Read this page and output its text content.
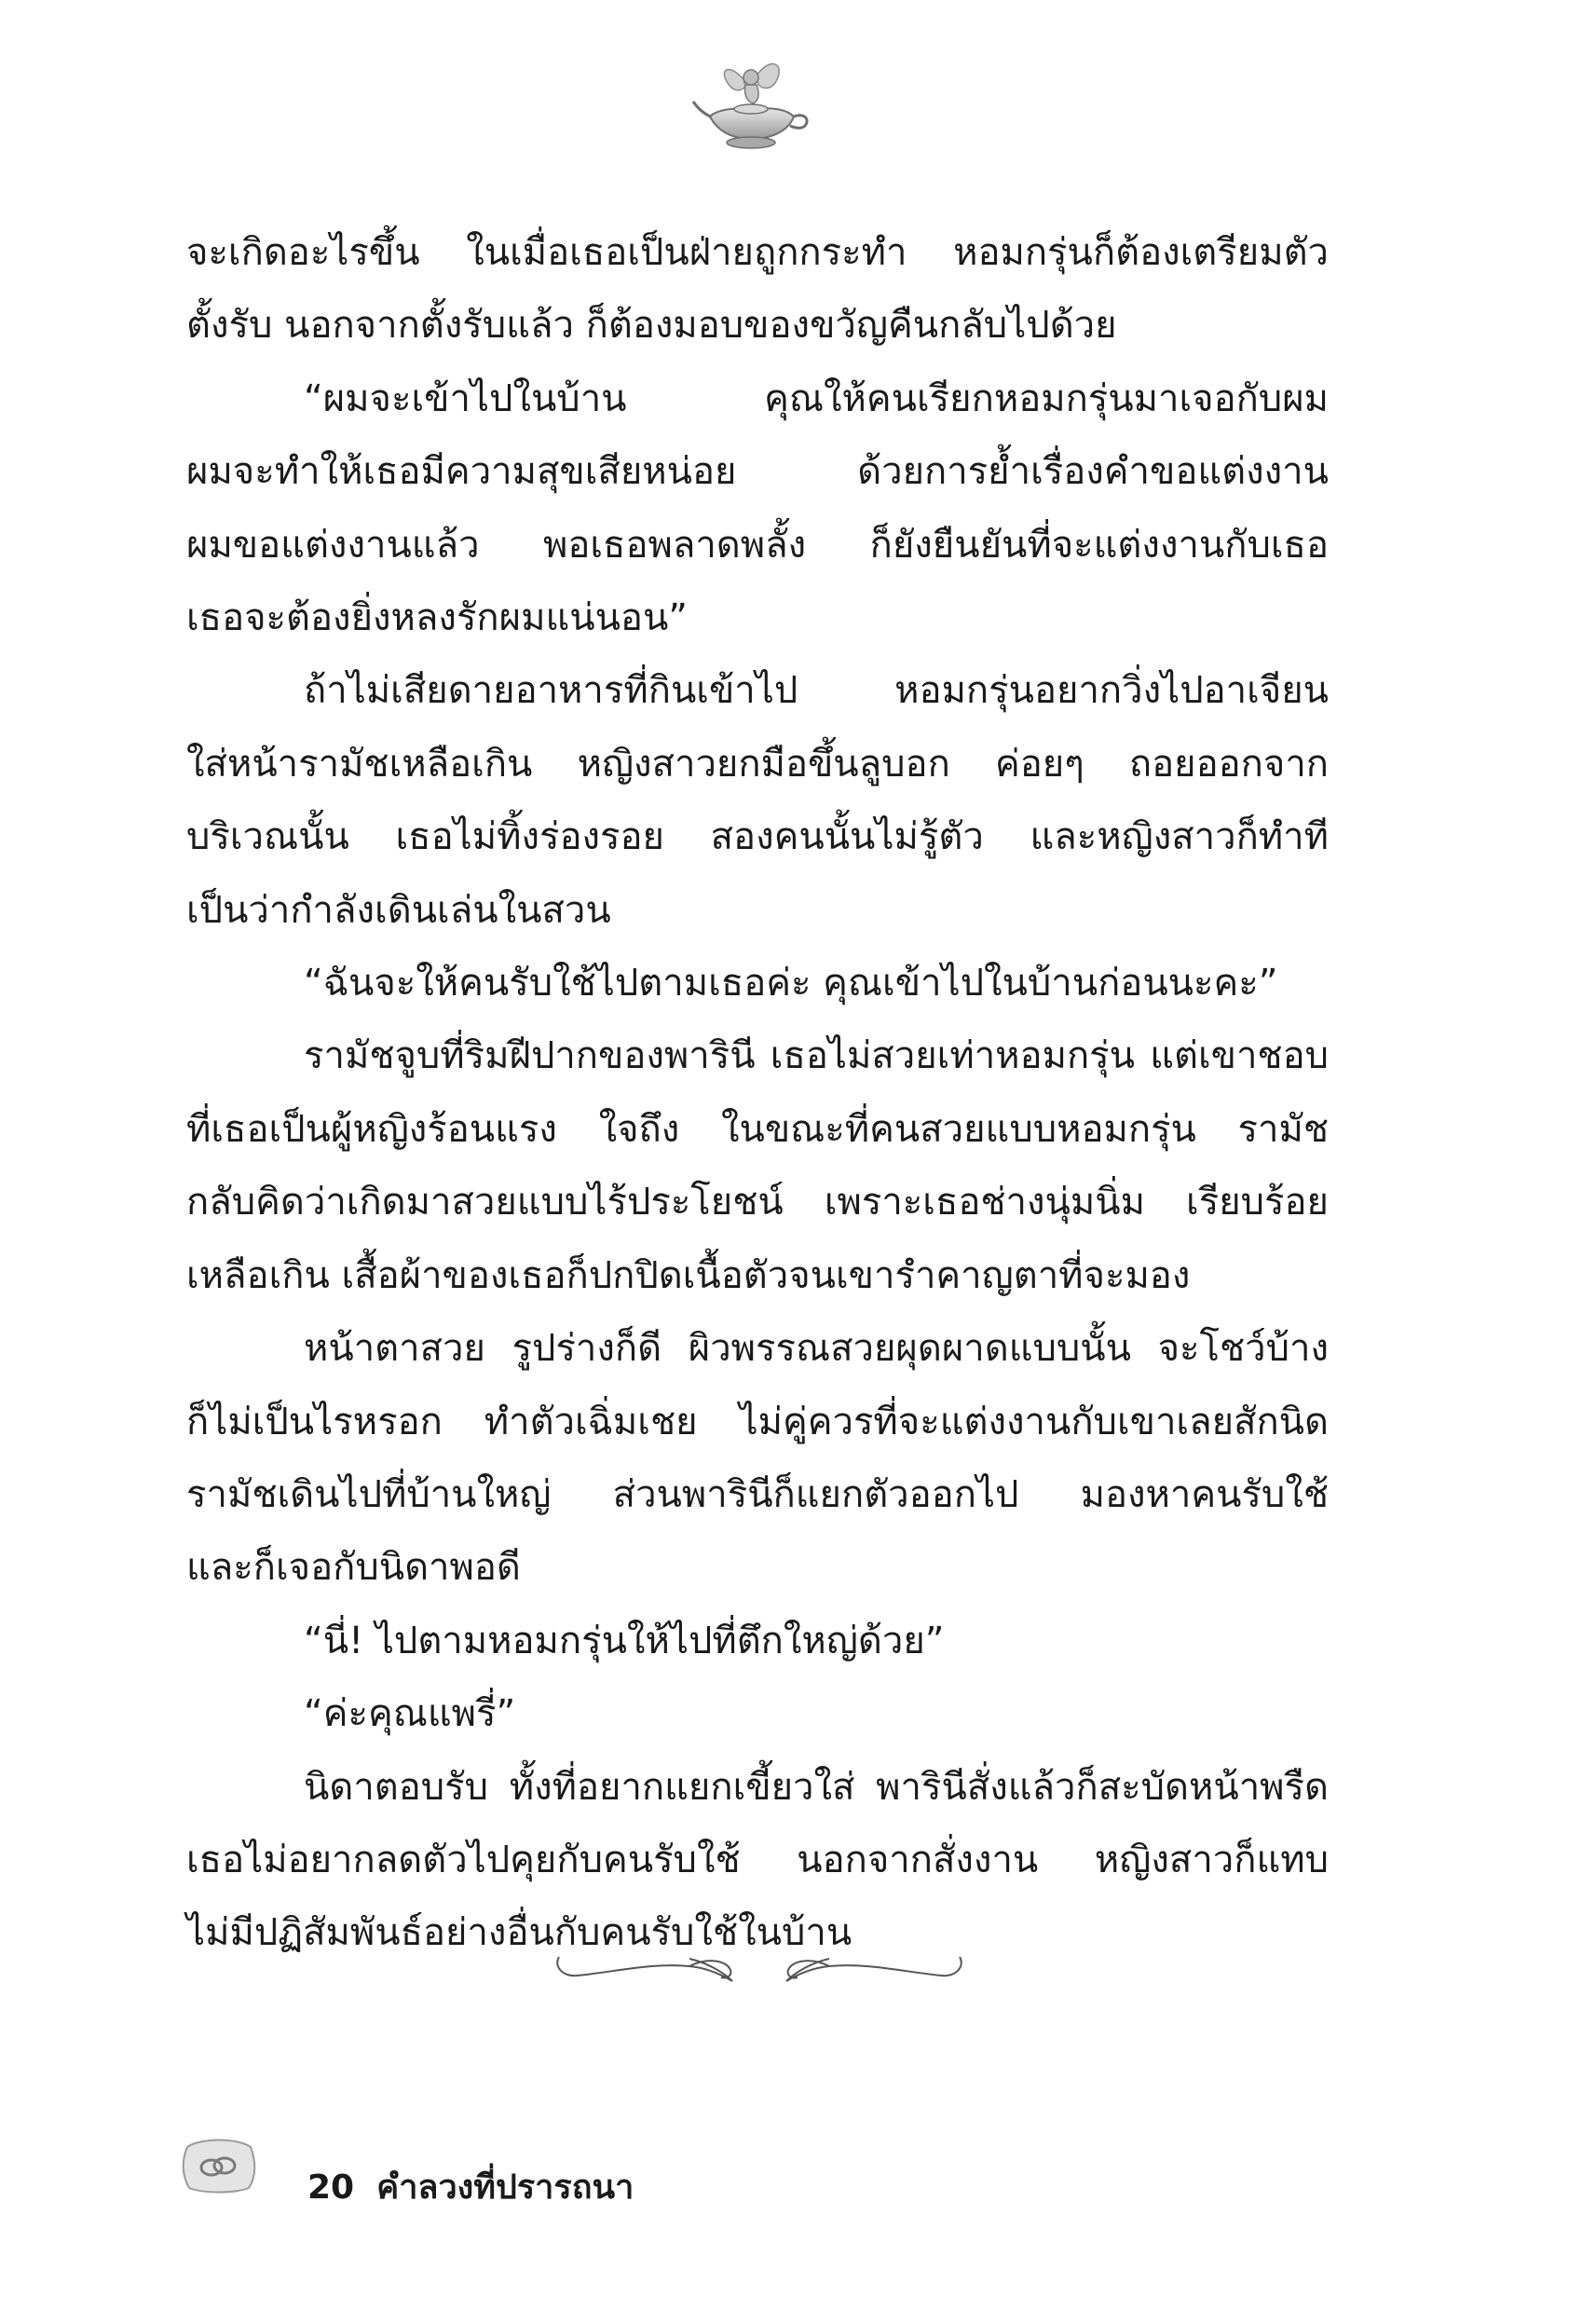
จะเกิดอะไรขึ้น ในเมื่อเธอเป็นฝ่ายถูกกระทำ หอมกรุ่นก็ต้องเตรียมตัว

ตั้งรับ นอกจากตั้งรับแล้ว ก็ต้องมอบของขวัญคืนกลับไปด้วย

“ผมจะเข้าไปในบ้าน คุณให้คนเรียกหอมกรุ่นมาเจอกับผม

ผมจะทำให้เธอมีความสุขเสียหน่อย ด้วยการย้ำเรื่องคำขอแต่งงาน

ผมขอแต่งงานแล้ว พอเธอพลาดพลั้ง ก็ยังยืนยันที่จะแต่งงานกับเธอ

เธอจะต้องยิ่งหลงรักผมแน่นอน”

ถ้าไม่เสียดายอาหารที่กินเข้าไป หอมกรุ่นอยากวิ่งไปอาเจียน

ใส่หน้ารามัชเหลือเกิน หญิงสาวยกมือขึ้นลูบอก ค่อยๆ ถอยออกจาก

บริเวณนั้น เธอไม่ทิ้งร่องรอย สองคนนั้นไม่รู้ตัว และหญิงสาวก็ทำที

เป็นว่ากำลังเดินเล่นในสวน

“ฉันจะให้คนรับใช้ไปตามเธอค่ะ คุณเข้าไปในบ้านก่อนนะคะ”

รามัชจูบที่ริมฝีปากของพารินี เธอไม่สวยเท่าหอมกรุ่น แต่เขาชอบ

ที่เธอเป็นผู้หญิงร้อนแรง ใจถึง ในขณะที่คนสวยแบบหอมกรุ่น รามัช

กลับคิดว่าเกิดมาสวยแบบไร้ประโยชน์ เพราะเธอช่างนุ่มนิ่ม เรียบร้อย

เหลือเกิน เสื้อผ้าของเธอก็ปกปิดเนื้อตัวจนเขารำคาญตาที่จะมอง

หน้าตาสวย รูปร่างก็ดี ผิวพรรณสวยผุดผาดแบบนั้น จะโชว์บ้าง

ก็ไม่เป็นไรหรอก ทำตัวเฉิ่มเชย ไม่คู่ควรที่จะแต่งงานกับเขาเลยสักนิด

รามัชเดินไปที่บ้านใหญ่ ส่วนพารินีก็แยกตัวออกไป มองหาคนรับใช้

และก็เจอกับนิดาพอดี

“นี่! ไปตามหอมกรุ่นให้ไปที่ตึกใหญ่ด้วย”

“ค่ะคุณแพรี่”

นิดาตอบรับ ทั้งที่อยากแยกเขี้ยวใส่ พารินีสั่งแล้วก็สะบัดหน้าพรืด

เธอไม่อยากลดตัวไปคุยกับคนรับใช้ นอกจากสั่งงาน หญิงสาวก็แทบ

ไม่มีปฏิสัมพันธ์อย่างอื่นกับคนรับใช้ในบ้าน

20 คำลวงที่ปรารถนา
